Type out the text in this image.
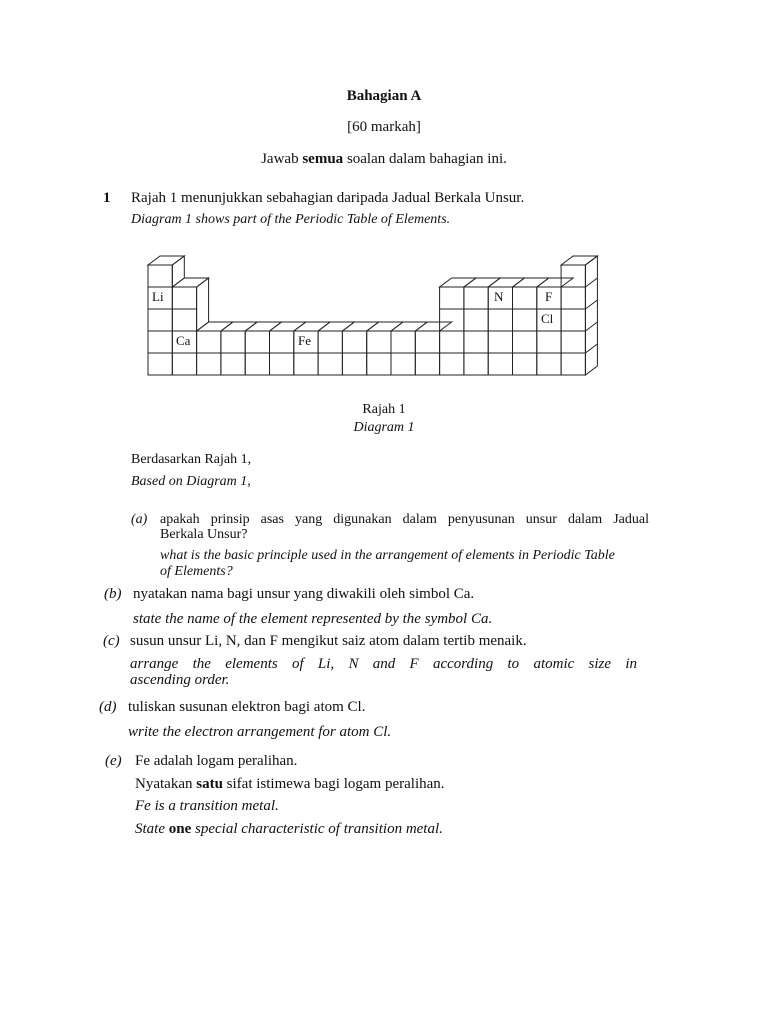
Bahagian A
[60 markah]
Jawab semua soalan dalam bahagian ini.
1 Rajah 1 menunjukkan sebahagian daripada Jadual Berkala Unsur.
Diagram 1 shows part of the Periodic Table of Elements.
Li
Ca	Fe
N	F
Cl
Rajah 1
Diagram 1
Berdasarkan Rajah 1,
Based on Diagram 1,
(a) apakah prinsip asas yang digunakan dalam penyusunan unsur dalam Jadual
Berkala Unsur?
what is the basic principle used in the arrangement of elements in Periodic Table
of Elements?
(b) nyatakan nama bagi unsur yang diwakili oleh simbol Ca.
state the name of the element represented by the symbol Ca.
(c) susun unsur Li, N, dan F mengikut saiz atom dalam tertib menaik.
arrange the elements of Li, N and F according to atomic size in
ascending order.
(d) tuliskan susunan elektron bagi atom Cl.
write the electron arrangement for atom Cl.
(e) Fe adalah logam peralihan.
Nyatakan satu sifat istimewa bagi logam peralihan.
Fe is a transition metal.
State one special characteristic of transition metal.
